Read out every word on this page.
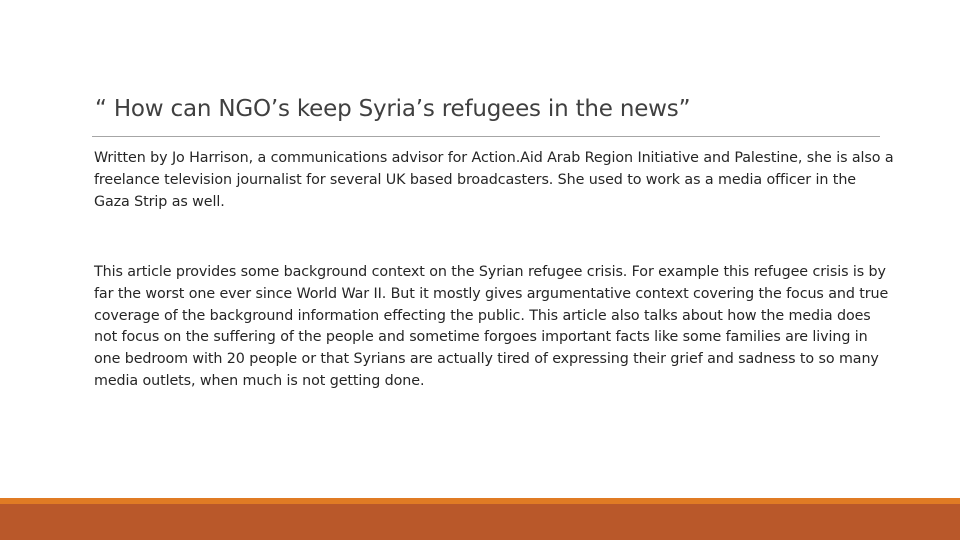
“ How can NGO’s keep Syria’s refugees in the news”

Written by Jo Harrison, a communications advisor for Action.Aid Arab Region Initiative and Palestine, she is also a freelance television journalist for several UK based broadcasters. She used to work as a media officer in the Gaza Strip as well.

This article provides some background context on the Syrian refugee crisis. For example this refugee crisis is by far the worst one ever since World War II. But it mostly gives argumentative context covering the focus and true coverage of the background information effecting the public. This article also talks about how the media does not focus on the suffering of the people and sometime forgoes important facts like some families are living in one bedroom with 20 people or that Syrians are actually tired of expressing their grief and sadness to so many media outlets, when much is not getting done.
